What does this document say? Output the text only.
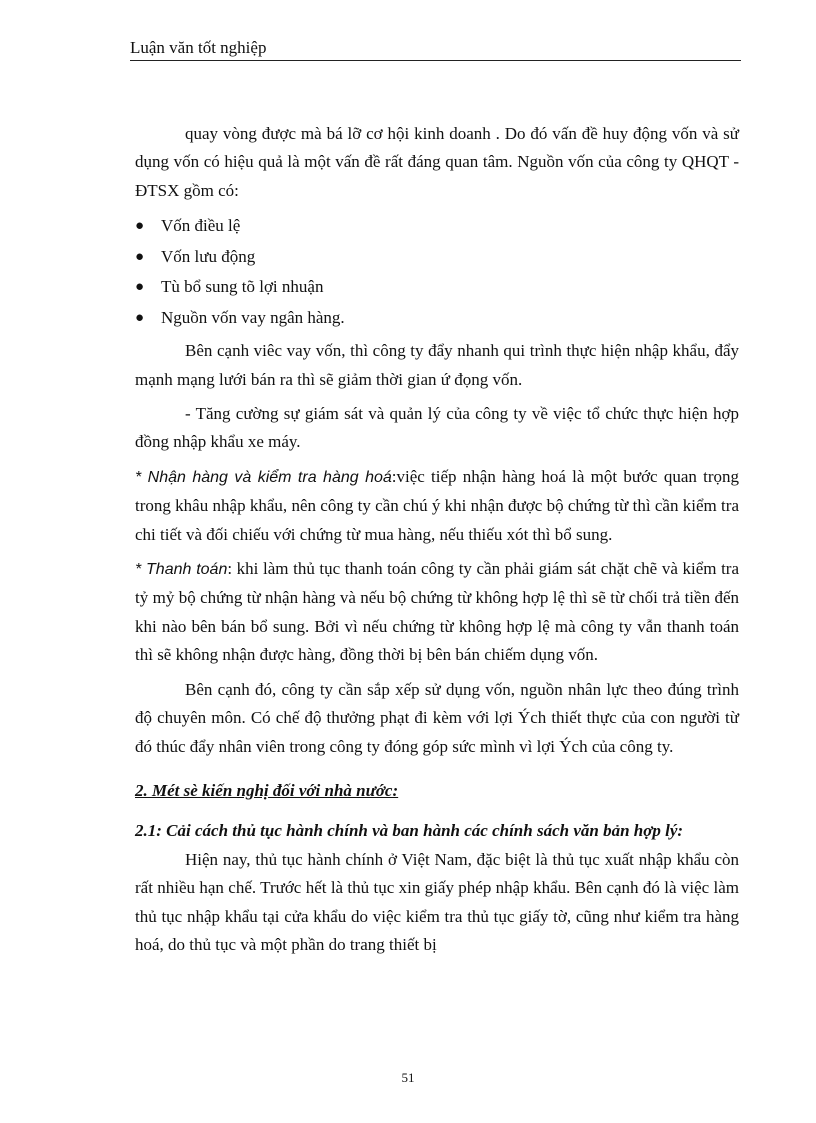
Luận văn tốt nghiệp

quay vòng được mà bá lỡ cơ hội kinh doanh . Do đó vấn đề huy động vốn và sử dụng vốn có hiệu quả là một vấn đề rất đáng quan tâm. Nguồn vốn của công ty QHQT - ĐTSX gồm có:

● Vốn điều lệ
● Vốn lưu động
● Tù bổ sung tõ lợi nhuận
● Nguồn vốn vay ngân hàng.

Bên cạnh viêc vay vốn, thì công ty đẩy nhanh qui trình thực hiện nhập khẩu, đẩy mạnh mạng lưới bán ra thì sẽ giảm thời gian ứ đọng vốn.

- Tăng cường sự giám sát và quản lý của công ty về việc tổ chức thực hiện hợp đồng nhập khẩu xe máy.

* Nhận hàng và kiểm tra hàng hoá:việc tiếp nhận hàng hoá là một bước quan trọng trong khâu nhập khẩu, nên công ty cần chú ý khi nhận được bộ chứng từ thì cần kiểm tra chi tiết và đối chiếu với chứng từ mua hàng, nếu thiếu xót thì bổ sung.

* Thanh toán: khi làm thủ tục thanh toán công ty cần phải giám sát chặt chẽ và kiểm tra tỷ mỷ bộ chứng từ nhận hàng và nếu bộ chứng từ không hợp lệ thì sẽ từ chối trả tiền đến khi nào bên bán bổ sung. Bởi vì nếu chứng từ không hợp lệ mà công ty vẫn thanh toán thì sẽ không nhận được hàng, đồng thời bị bên bán chiếm dụng vốn.

Bên cạnh đó, công ty cần sắp xếp sử dụng vốn, nguồn nhân lực theo đúng trình độ chuyên môn. Có chế độ thưởng phạt đi kèm với lợi Ých thiết thực của con người từ đó thúc đẩy nhân viên trong công ty đóng góp sức mình vì lợi Ých của công ty.

2. Mét sè kiến nghị đối với nhà nước:

2.1: Cải cách thủ tục hành chính và ban hành các chính sách văn bản hợp lý:

Hiện nay, thủ tục hành chính ở Việt Nam, đặc biệt là thủ tục xuất nhập khẩu còn rất nhiều hạn chế. Trước hết là thủ tục xin giấy phép nhập khẩu. Bên cạnh đó là việc làm thủ tục nhập khẩu tại cửa khẩu do việc kiểm tra thủ tục giấy tờ, cũng như kiểm tra hàng hoá, do thủ tục và một phần do trang thiết bị

51
